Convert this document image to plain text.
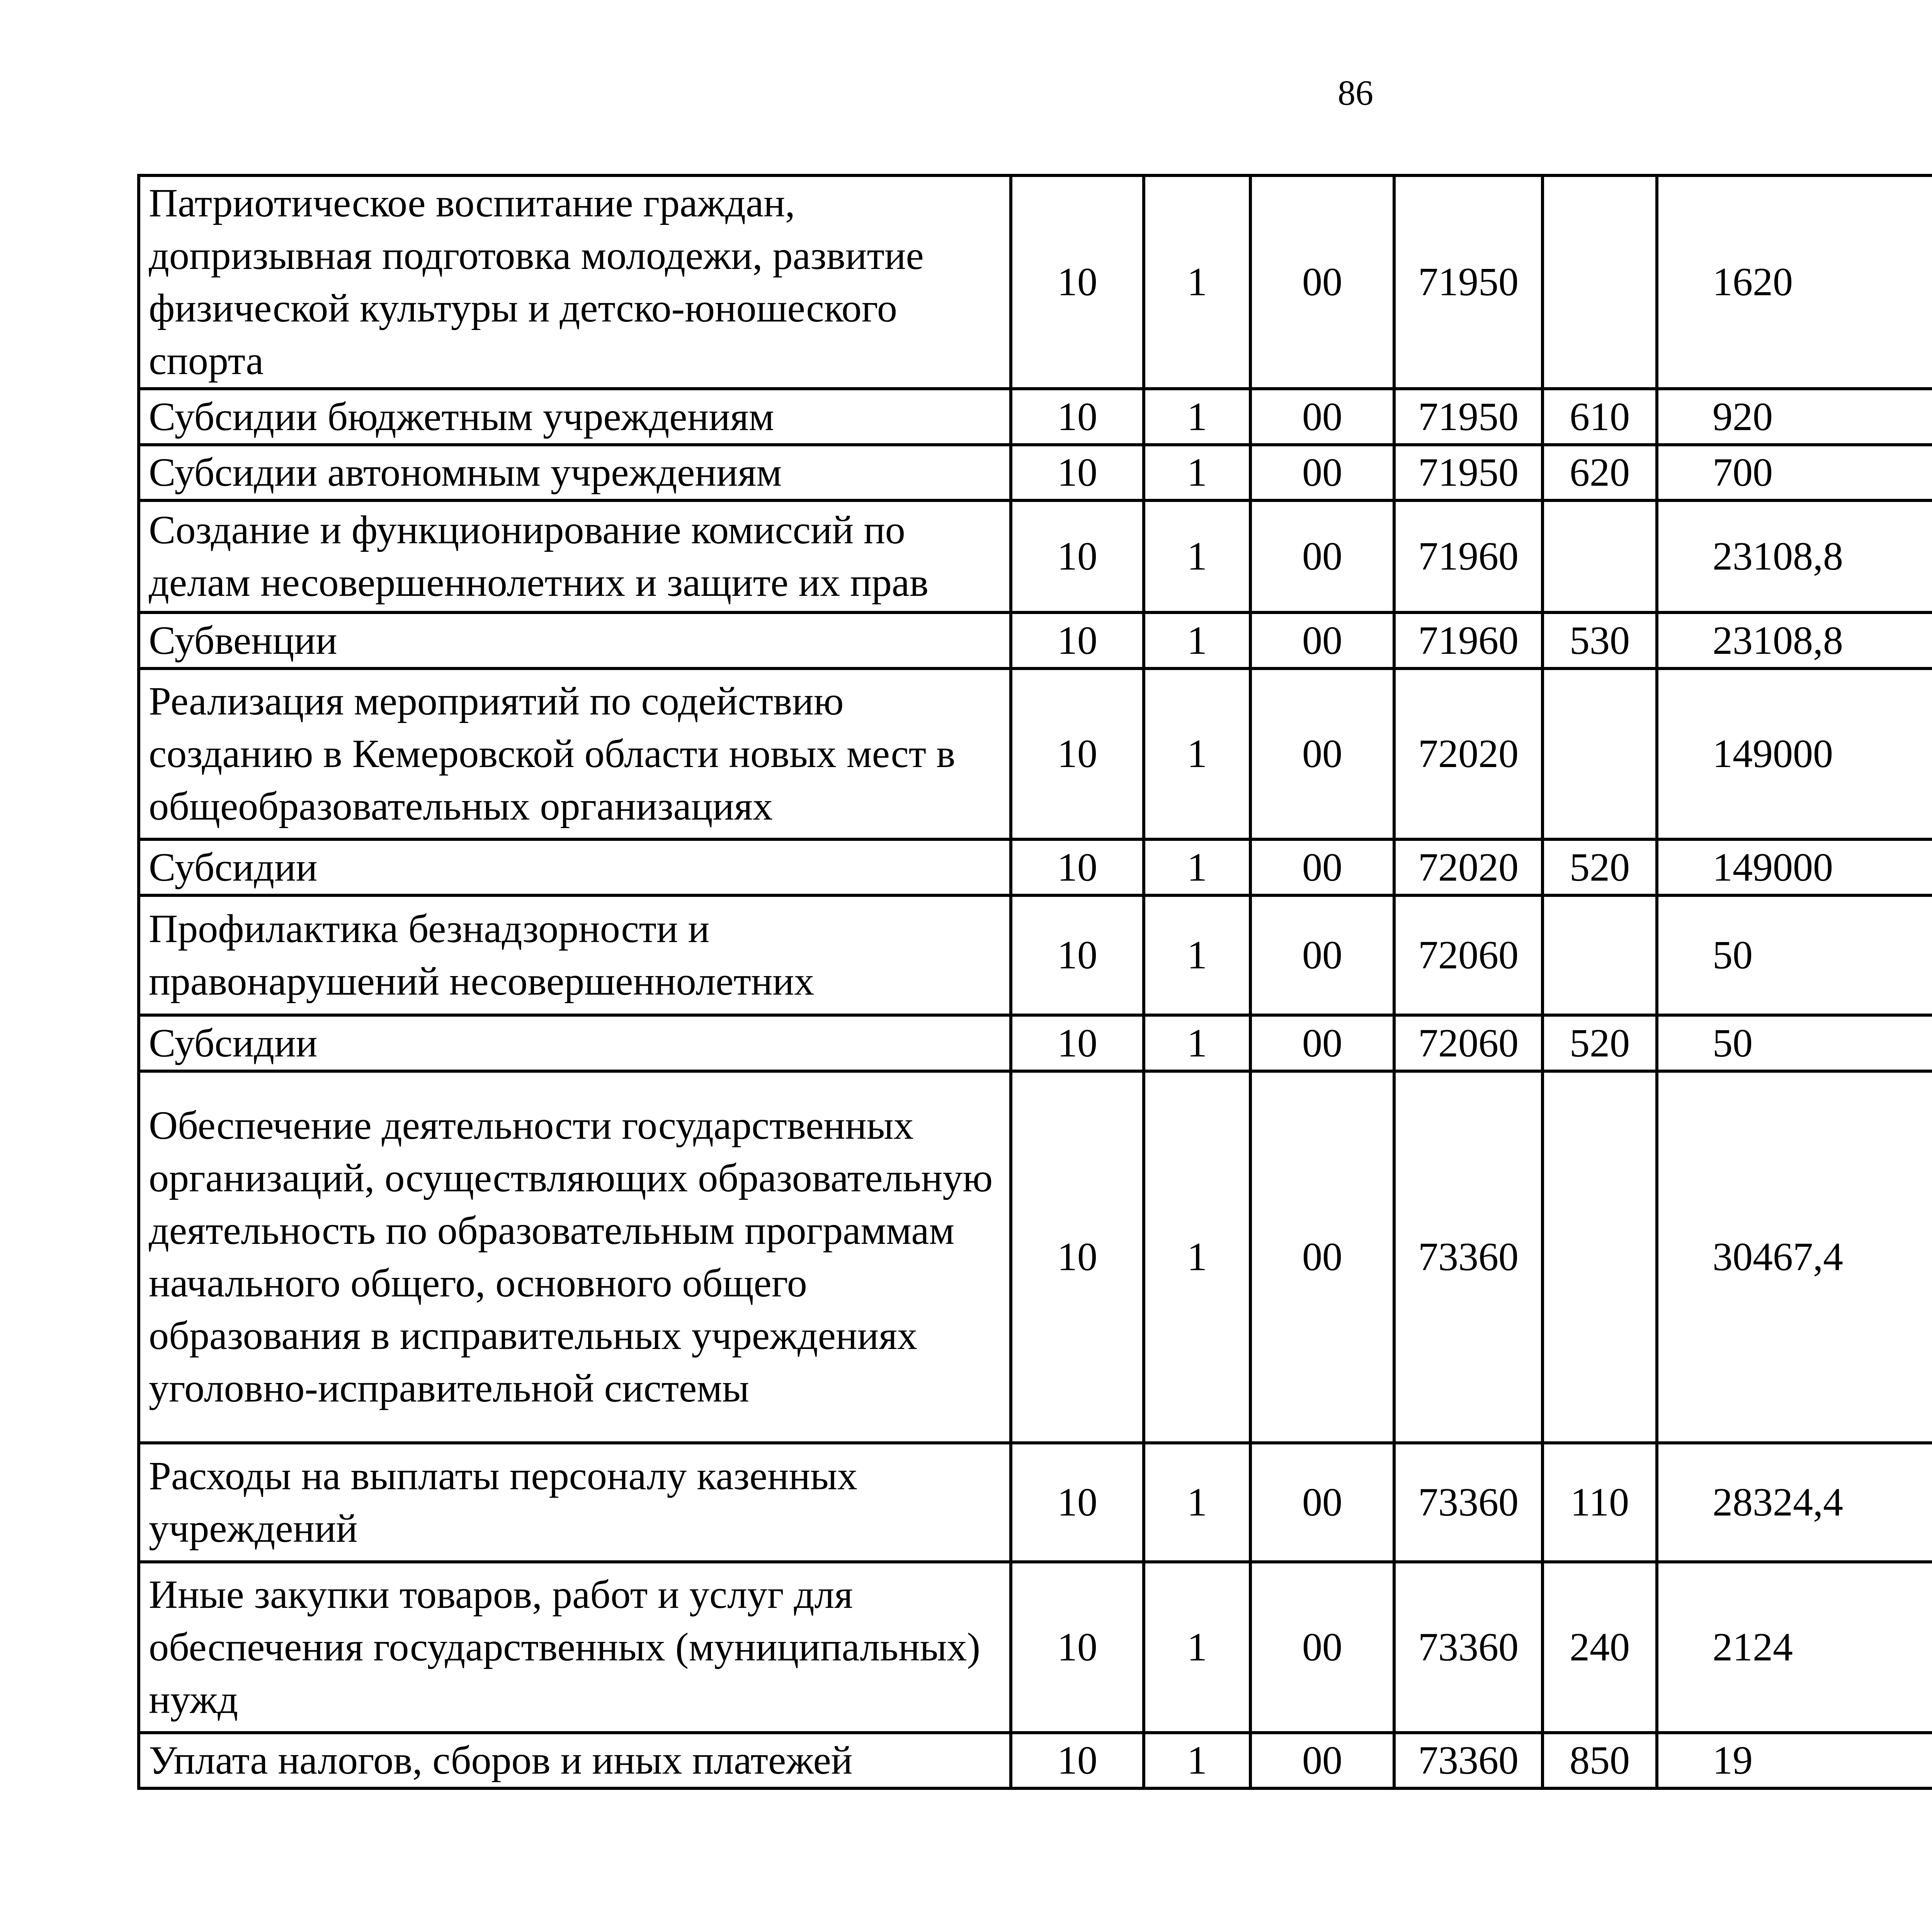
86
Патриотическое воспитание граждан, допризывная подготовка молодежи, развитие физической культуры и детско-юношеского спорта	10	1	00	71950		1620		
Субсидии бюджетным учреждениям	10	1	00	71950	610	920		
Субсидии автономным учреждениям	10	1	00	71950	620	700		
Создание и функционирование комиссий по делам несовершеннолетних и защите их прав	10	1	00	71960		23108,8		
Субвенции	10	1	00	71960	530	23108,8		
Реализация мероприятий по содействию созданию в Кемеровской области новых мест в общеобразовательных организациях	10	1	00	72020		149000		
Субсидии	10	1	00	72020	520	149000		
Профилактика безнадзорности и правонарушений несовершеннолетних	10	1	00	72060		50		
Субсидии	10	1	00	72060	520	50		
Обеспечение деятельности государственных организаций, осуществляющих образовательную деятельность по образовательным программам начального общего, основного общего образования в исправительных учреждениях уголовно-исправительной системы	10	1	00	73360		30467,4		
Расходы на выплаты персоналу казенных учреждений	10	1	00	73360	110	28324,4		
Иные закупки товаров, работ и услуг для обеспечения государственных (муниципальных) нужд	10	1	00	73360	240	2124		
Уплата налогов, сборов и иных платежей	10	1	00	73360	850	19		
